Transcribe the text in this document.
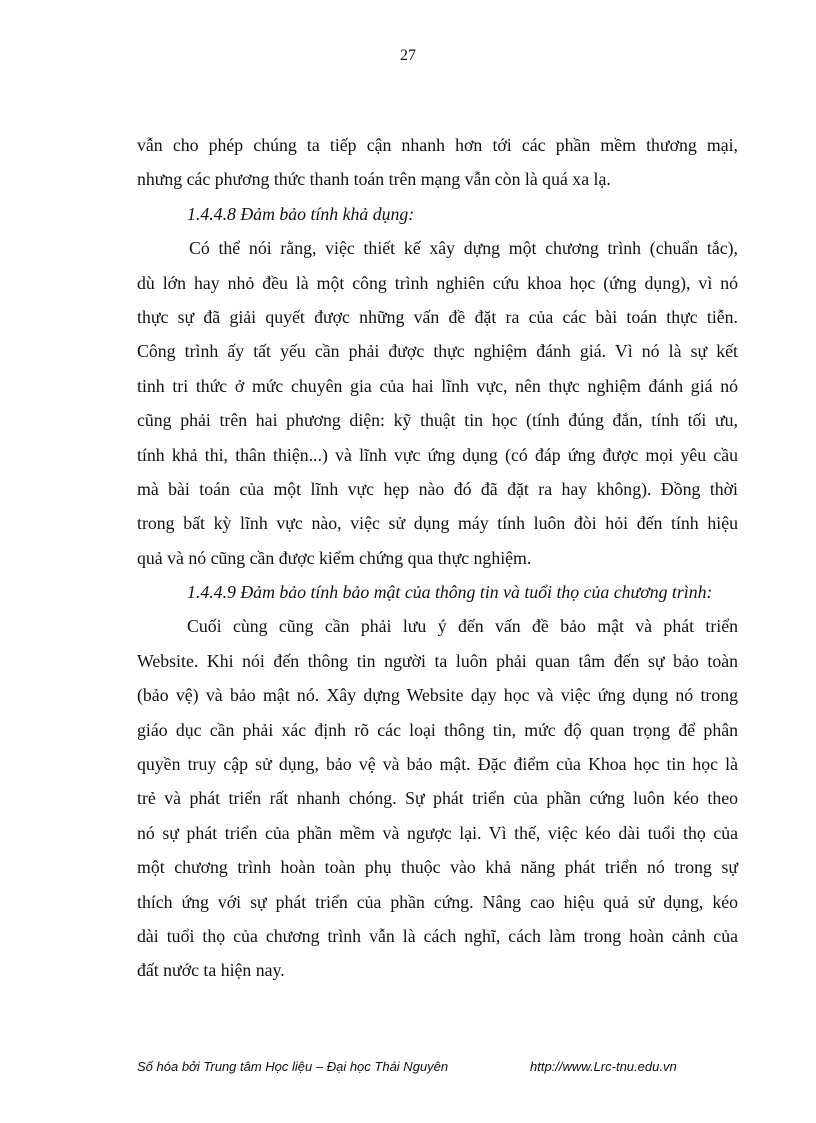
27
vẫn cho phép chúng ta tiếp cận nhanh hơn tới các phần mềm thương mại,
nhưng các phương thức thanh toán trên mạng vẫn còn là quá xa lạ.
1.4.4.8 Đảm bảo tính khả dụng:
Có thể nói rằng, việc thiết kế xây dựng một chương trình (chuẩn tắc),
dù lớn hay nhỏ đều là một công trình nghiên cứu khoa học (ứng dụng), vì nó
thực sự đã giải quyết được những vấn đề đặt ra của các bài toán thực tiễn.
Công trình ấy tất yếu cần phải được thực nghiệm đánh giá. Vì nó là sự kết
tinh tri thức ở mức chuyên gia của hai lĩnh vực, nên thực nghiệm đánh giá nó
cũng phải trên hai phương diện: kỹ thuật tin học (tính đúng đắn, tính tối ưu,
tính khả thi, thân thiện...) và lĩnh vực ứng dụng (có đáp ứng được mọi yêu cầu
mà bài toán của một lĩnh vực hẹp nào đó đã đặt ra hay không). Đồng thời
trong bất kỳ lĩnh vực nào, việc sử dụng máy tính luôn đòi hỏi đến tính hiệu
quả và nó cũng cần được kiểm chứng qua thực nghiệm.
1.4.4.9 Đảm bảo tính bảo mật của thông tin và tuổi thọ của chương trình:
Cuối cùng cũng cần phải lưu ý đến vấn đề bảo mật và phát triển
Website. Khi nói đến thông tin người ta luôn phải quan tâm đến sự bảo toàn
(bảo vệ) và bảo mật nó. Xây dựng Website dạy học và việc ứng dụng nó trong
giáo dục cần phải xác định rõ các loại thông tin, mức độ quan trọng để phân
quyền truy cập sử dụng, bảo vệ và bảo mật. Đặc điểm của Khoa học tin học là
trẻ và phát triển rất nhanh chóng. Sự phát triển của phần cứng luôn kéo theo
nó sự phát triển của phần mềm và ngược lại. Vì thế, việc kéo dài tuổi thọ của
một chương trình hoàn toàn phụ thuộc vào khả năng phát triển nó trong sự
thích ứng với sự phát triển của phần cứng. Nâng cao hiệu quả sử dụng, kéo
dài tuổi thọ của chương trình vẫn là cách nghĩ, cách làm trong hoàn cảnh của
đất nước ta hiện nay.
Số hóa bởi Trung tâm Học liệu – Đại học Thái Nguyên	http://www.Lrc-tnu.edu.vn
